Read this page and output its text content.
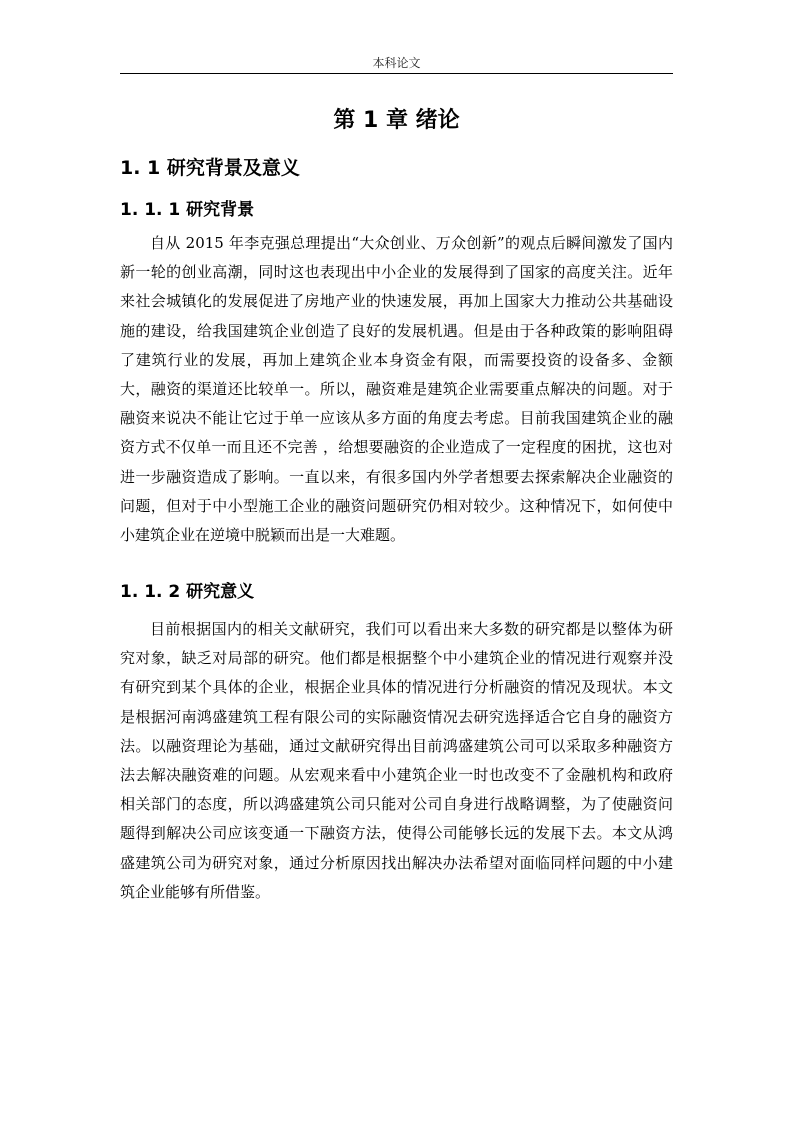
本科论文
第 1 章 绪论
1. 1 研究背景及意义
1. 1. 1 研究背景

自从 2015 年李克强总理提出“大众创业、万众创新”的观点后瞬间激发了国内新一轮的创业高潮，同时这也表现出中小企业的发展得到了国家的高度关注。近年来社会城镇化的发展促进了房地产业的快速发展，再加上国家大力推动公共基础设施的建设，给我国建筑企业创造了良好的发展机遇。但是由于各种政策的影响阻碍了建筑行业的发展，再加上建筑企业本身资金有限，而需要投资的设备多、金额大，融资的渠道还比较单一。所以，融资难是建筑企业需要重点解决的问题。对于融资来说决不能让它过于单一应该从多方面的角度去考虑。目前我国建筑企业的融资方式不仅单一而且还不完善 ，给想要融资的企业造成了一定程度的困扰，这也对进一步融资造成了影响。一直以来，有很多国内外学者想要去探索解决企业融资的问题，但对于中小型施工企业的融资问题研究仍相对较少。这种情况下，如何使中小建筑企业在逆境中脱颖而出是一大难题。

1. 1. 2 研究意义

目前根据国内的相关文献研究，我们可以看出来大多数的研究都是以整体为研究对象，缺乏对局部的研究。他们都是根据整个中小建筑企业的情况进行观察并没有研究到某个具体的企业，根据企业具体的情况进行分析融资的情况及现状。本文是根据河南鸿盛建筑工程有限公司的实际融资情况去研究选择适合它自身的融资方法。以融资理论为基础，通过文献研究得出目前鸿盛建筑公司可以采取多种融资方法去解决融资难的问题。从宏观来看中小建筑企业一时也改变不了金融机构和政府相关部门的态度，所以鸿盛建筑公司只能对公司自身进行战略调整，为了使融资问题得到解决公司应该变通一下融资方法，使得公司能够长远的发展下去。本文从鸿盛建筑公司为研究对象，通过分析原因找出解决办法希望对面临同样问题的中小建筑企业能够有所借鉴。
